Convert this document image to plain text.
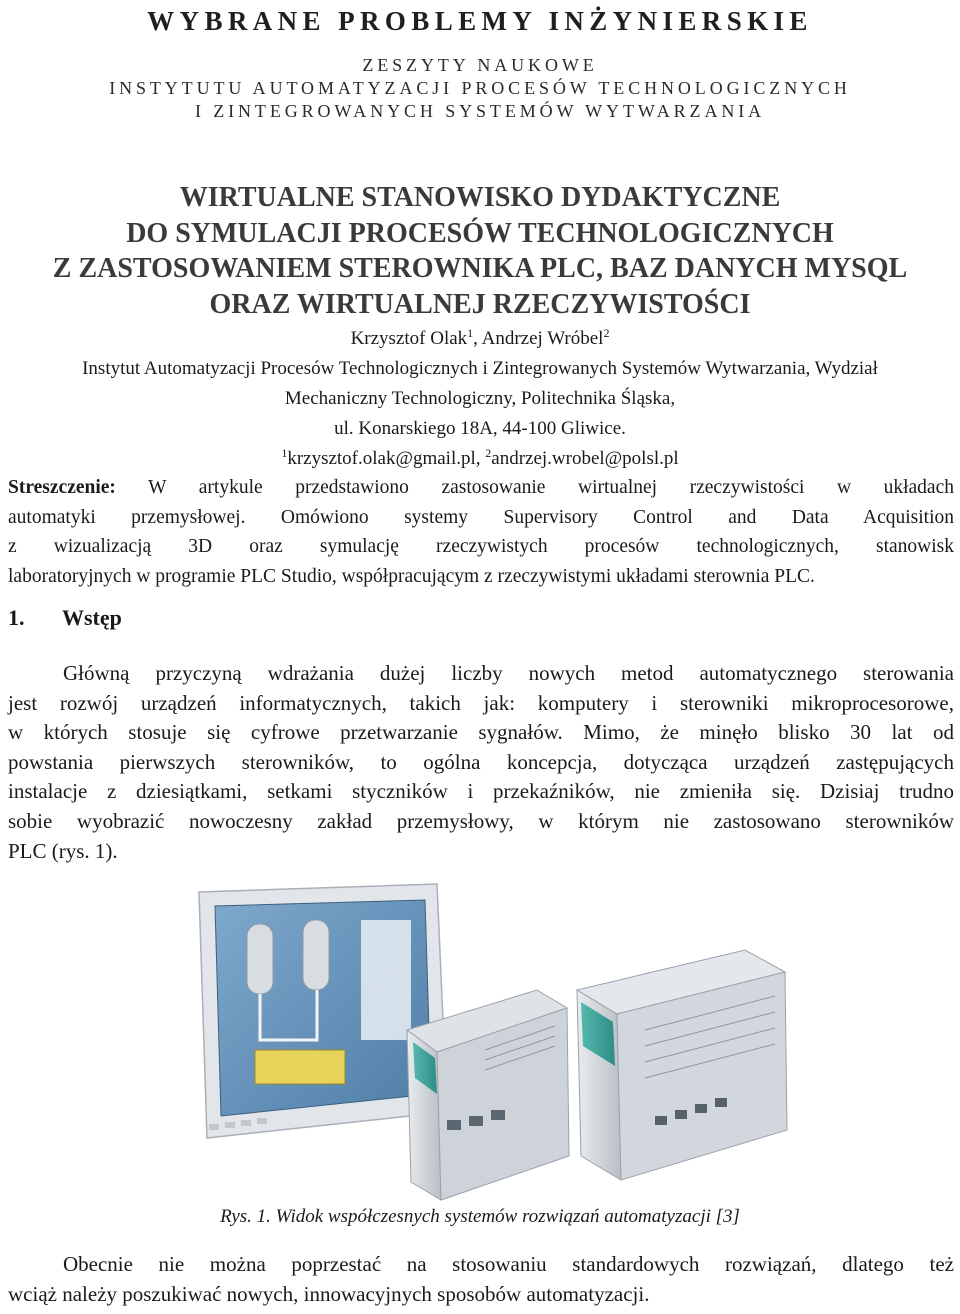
WYBRANE PROBLEMY INŻYNIERSKIE
ZESZYTY NAUKOWE
INSTYTUTU AUTOMATYZACJI PROCESÓW TECHNOLOGICZNYCH
I ZINTEGROWANYCH SYSTEMÓW WYTWARZANIA
WIRTUALNE STANOWISKO DYDAKTYCZNE
DO SYMULACJI PROCESÓW TECHNOLOGICZNYCH
Z ZASTOSOWANIEM STEROWNIKA PLC, BAZ DANYCH MYSQL
ORAZ WIRTUALNEJ RZECZYWISTOŚCI
Krzysztof Olak$^1$, Andrzej Wróbel$^2$
Instytut Automatyzacji Procesów Technologicznych i Zintegrowanych Systemów Wytwarzania, Wydział
Mechaniczny Technologiczny, Politechnika Śląska,
ul. Konarskiego 18A, 44-100 Gliwice.
$^1$krzysztof.olak@gmail.pl, $^2$andrzej.wrobel@polsl.pl
Streszczenie: W artykule przedstawiono zastosowanie wirtualnej rzeczywistości w układach
automatyki przemysłowej. Omówiono systemy Supervisory Control and Data Acquisition
z wizualizacją 3D oraz symulację rzeczywistych procesów technologicznych, stanowisk
laboratoryjnych w programie PLC Studio, współpracującym z rzeczywistymi układami sterownia PLC.
1. Wstęp
Główną przyczyną wdrażania dużej liczby nowych metod automatycznego sterowania
jest rozwój urządzeń informatycznych, takich jak: komputery i sterowniki mikroprocesorowe,
w których stosuje się cyfrowe przetwarzanie sygnałów. Mimo, że minęło blisko 30 lat od
powstania pierwszych sterowników, to ogólna koncepcja, dotycząca urządzeń zastępujących
instalacje z dziesiątkami, setkami styczników i przekaźników, nie zmieniła się. Dzisiaj trudno
sobie wyobrazić nowoczesny zakład przemysłowy, w którym nie zastosowano sterowników
PLC (rys. 1).
Rys. 1. Widok współczesnych systemów rozwiązań automatyzacji [3]
Obecnie nie można poprzestać na stosowaniu standardowych rozwiązań, dlatego też
wciąż należy poszukiwać nowych, innowacyjnych sposobów automatyzacji.
